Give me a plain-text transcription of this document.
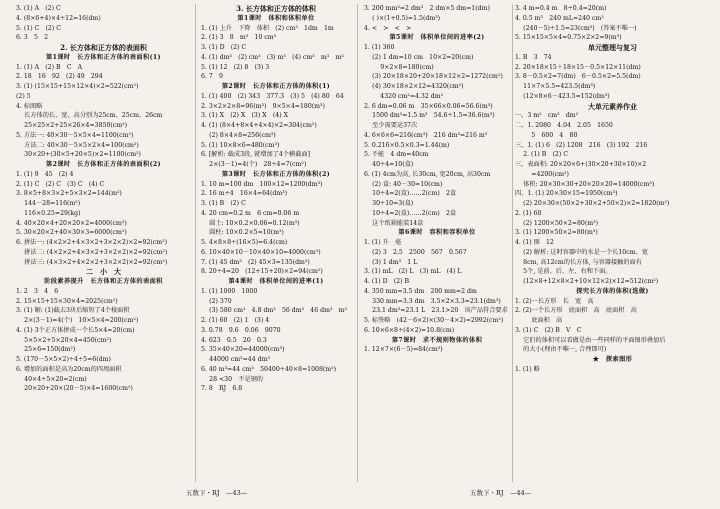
3. (1) A　(2) C
4. (8×6+4)×4÷12=16(dm)
5. (1) C　(2) C
6. 3　5　2
2. 长方体和正方体的表面积
第1课时　长方体和正方体的表面积(1)
1. (1) A　(2) B　C　A
2. 18　16　92　(2) 49　294
3. (1) (15×15+15×12×4)×2=522(cm²)
(2) 5
4. 标图略
　 长方体的长、宽、高分别为25cm、25cm、26cm
　 25×25×2+25×26×4=3850(cm²)
5. 方法一: 40×30－5×5×4=1100(cm²)
　 方法二: 40×30－5×5×2×4=100(cm²)
　 30×20+(30×5+20×5)×2=1100(cm²)
第2课时　长方体和正方体的表面积(2)
1. (1) 9　45　(2) 4
2. (1) C　(2) C　(3) C　(4) C
3. 8×5+8×3×2+5×3×2=144(m²)
　 144－28=116(m²)
　 116×0.25=29(kg)
4. 40×20×4+20×20×2=4000(cm²)
5. 30×20×2+40×30×3=6000(cm²)
6. 拼法一: (4×2×2+4×3×2+3×2×2)×2=92(cm²)
　 拼法二: (4×2×2+4×3×2+3×2×2)×2=92(cm²)
　 拼法三: (4×3×2+4×2×2+3×2×2)×2=92(cm²)
二　小　大
阶段素养提升　长方体和正方体的表面积
1. 2　3　4　6
2. 15×15+15×30×4=2025(cm²)
3. (1) 解: (1)截去3块后缩短了4个棱面积
　 2×(3－1)=4(个)　10×5×4=200(cm²)
4. (1) 3个正方体拼成一个长5×4=20(cm)
　 5×5×2+5×20×4=450(cm²)
　 25×6=150(dm²)
5. (170－5×5×2)÷4÷5=6(dm)
6. 增加的面积是高为20cm的四周面积
　 40×4÷5×20=2(cm)
　 20×20+20×(20－5)×4=1600(cm²)
3. 长方体和正方体的体积
第1课时　体积和体积单位
1. (1) 上升　下降　体积　(2) cm³　1dm　1m
2. (1) 3　8　m³　10 cm³
3. (1) D　(2) C
4. (1) dm³　(2) cm³　(3) m³　(4) cm³　m³　m³
5. (1) 12　(2) 8　(3) 3
6. 7　9
第2课时　长方体和正方体的体积(1)
1. (1) 400　(2) 343　377.3　(3) 5　(4) 80　64
2. 3×2×2×8=96(m³)　9×5×4=180(m³)
3. (1) X　(2) X　(3) X　(4) X
4. (1) (8×4+8×4+4×4)×2=304(cm²)
　 (2) 8×4×8=256(cm³)
5. (1) 10×8×6=480(cm³)
6. [解析: 截成3段, 就增加了4个横截面]
　 2×(3－1)=4(个)　28÷4=7(cm²)
第3课时　长方体和正方体的体积(2)
1. 10 m=100 dm　100×12=1200(dm³)
2. 16 m÷4　16×4=64(dm³)
3. (1) B　(2) C
4. 20 cm=0.2 m　6 cm=0.06 m
　 圆土: 10×0.2×0.06=0.12(m³)
　 圆柱: 10×0.2×5=10(m³)
5. 4×8×8÷(16×5)=6.4(cm)
6. 10×40×10－10×40×10=4000(cm³)
7. (1) 45 dm³　(2) 45×3=135(dm³)
8. 20÷4=20　(12+15+20)×2=94(cm²)
第4课时　体积单位间的进率(1)
1. (1) 1000　1000
　 (2) 370
　 (3) 580 cm³　4.8 dm³　56 dm³　46 dm³　m³
2. (1) 60　(2) 1　(3) 4
3. 0.78　9.6　0.06　9070
4. 623　0.5　20　0.3
5. 35×40×20=44000(cm³)
　 44000 cm³=44 dm³
6. 40 m³=44 cm³　50400÷40×8=1008(m³)
　 28 <30　不是钢的
7. 8　RJ　6.8
3. 200 mm³=2 dm³　2 dm×5 dm=1(dm)
　 ( )×(1+0.5)=1.5(dm³)
4. <　>　<　>
第5课时　体积单位间的进率(2)
1. (1) 360
　 (2) 1 dm=10 cm　10×2=20(cm)
　 　 9×2×8=180(cm)
　 (3) 20×18×20+20×18×12×2=1272(cm²)
　 (4) 30×18×2×12=4320(cm²)
　 　 4320 cm²=4.32 dm²
2. 6 dm=0.06 m　35×66×0.06=56.6(m³)
　 1500 dm³=1.5 m³　54.6÷1.5=36.6(m³)
　 至少需要运37次
4. 6×6×6=216(cm³)　216 dm³=216 m³
5. 0.216×0.5×0.3=1.44(m)
5. 不能　4 dm=40cm
　 40÷4=10(盒)
6. (1) 4cm为高, 长30cm, 宽20cm, 高30cm
　 (2) 盒: 40－30=10(cm)
　 10÷4=2(盒)……2(cm)　2盒
　 30÷10=3(盒)
　 10÷4=2(盒)……2(cm)　2盒
　 这个纸箱能装14盒
第6课时　容积和容积单位
1. (1) 升　毫
　 (2) 3　2.5　2500　567　0.567
　 (3) 1 dm³　1 L
3. (1) mL　(2) L　(3) mL　(4) L
4. (1) D　(2) B
4. 350 mm=3.5 dm　200 mm=2 dm
　 330 mm=3.3 dm　3.5×2×3.3=23.1(dm³)
　 23.1 dm³=23.1 L　23.1>20　该产品符合要求
5. 标签略　(42－6×2)×(30－4×2)=2992(cm²)
6. 10×6×8÷(4×2)=10.8(cm)
第7课时　求不规则物体的体积
1. 12×7×(6－5)=84(cm³)
3. 4 m=0.4 m　8÷0.4=20(m)
4. 0.5 m³　240 mL=240 cm³
　 (240－5)÷1.5=23(cm³)　(答案不唯一)
5. 15×15×5×4=0.75×2×2=9(m³)
单元整理与复习
1. B　3　74
2. 20×18×15＋18×15－0.5×12×11(dm)
3. 8－0.5×2=7(dm)　6－0.5×2=5.5(dm)
　 11×7×5.5=423.5(dm³)
　 (12×8×6－423.5=152(dm³)
大单元素养作业
一、3 m²　cm³　dm²
二、1. 2080　4.04　2.05　1650
　 　 5　600　4　80
三、1. (1) 6　(2) 1208　216　(3) 192　216
　 2. (1) B　(2) C
三、表面积: 20×20×6+(30×20+30×10)×2
　 　 =4200(cm²)
　 体积: 20×30×30+20×20×20=14000(cm³)
四、1. (1) 20×30×15=1950(cm³)
　 (2) 20×30×(50×2+30×2+50×2)×2=1820(m²)
2. (1) 60
　 (2) 1200×50×2=80(m³)
3. (1) 1200×50×2=80(m³)
4. (1) 图　12
　 (2) 解析: 这时容器中的水是一个长10cm、宽
　 8cm, 高12cm的长方体, 与容器接触的面有
　 5个, 是前、后、左、右和下面。
　 (12×8+12×8×2+10×12×2)×12=512(cm²)
探究长方体的体积(选做)
1. (2)一长方形　长　宽　高
2. (2)一个长方形　底面积　高　底面积　高
　 　 底面积　高
3. (1) C　(2) B　V　C
　 它们的体积可以看做是由一些同样的平面图形叠加后
　 的大小(理由不唯一, 合理即可)
★　探索图形
1. (1) 略
五数下・RJ　—43—	五数下・RJ　—44—
